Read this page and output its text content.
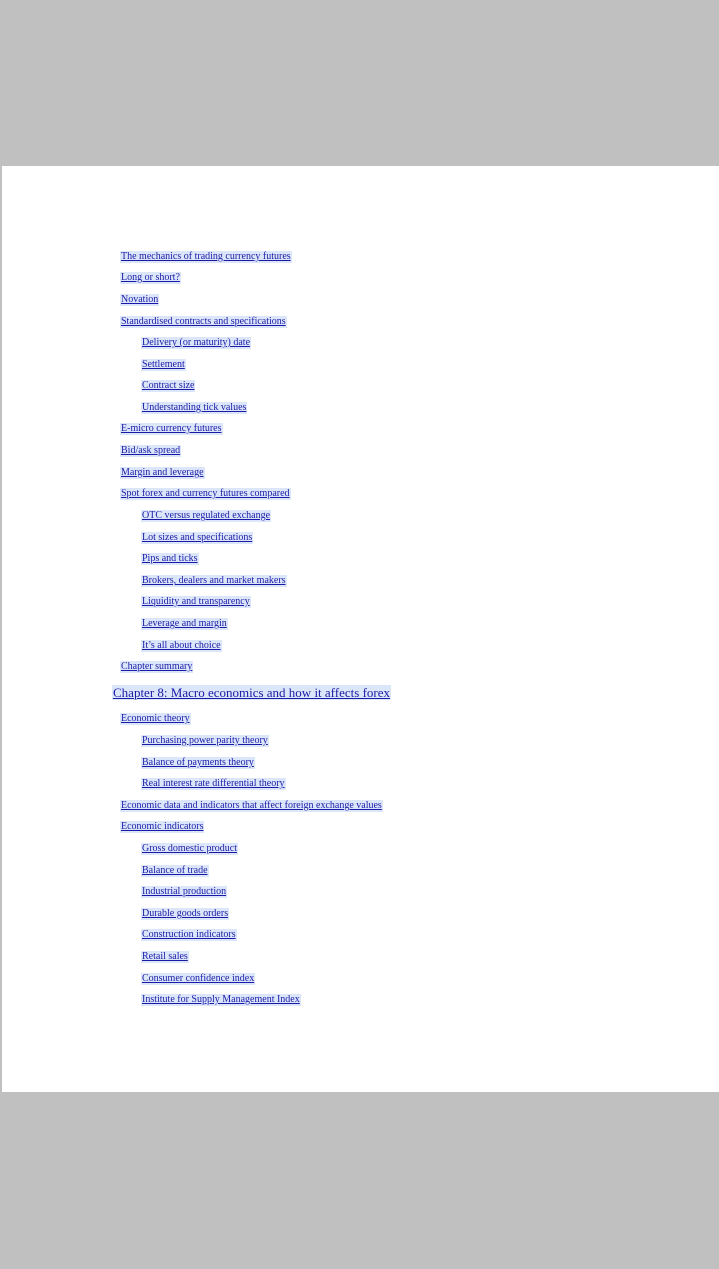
The mechanics of trading currency futures
Long or short?
Novation
Standardised contracts and specifications
Delivery (or maturity) date
Settlement
Contract size
Understanding tick values
E-micro currency futures
Bid/ask spread
Margin and leverage
Spot forex and currency futures compared
OTC versus regulated exchange
Lot sizes and specifications
Pips and ticks
Brokers, dealers and market makers
Liquidity and transparency
Leverage and margin
It’s all about choice
Chapter summary
Chapter 8: Macro economics and how it affects forex
Economic theory
Purchasing power parity theory
Balance of payments theory
Real interest rate differential theory
Economic data and indicators that affect foreign exchange values
Economic indicators
Gross domestic product
Balance of trade
Industrial production
Durable goods orders
Construction indicators
Retail sales
Consumer confidence index
Institute for Supply Management Index
